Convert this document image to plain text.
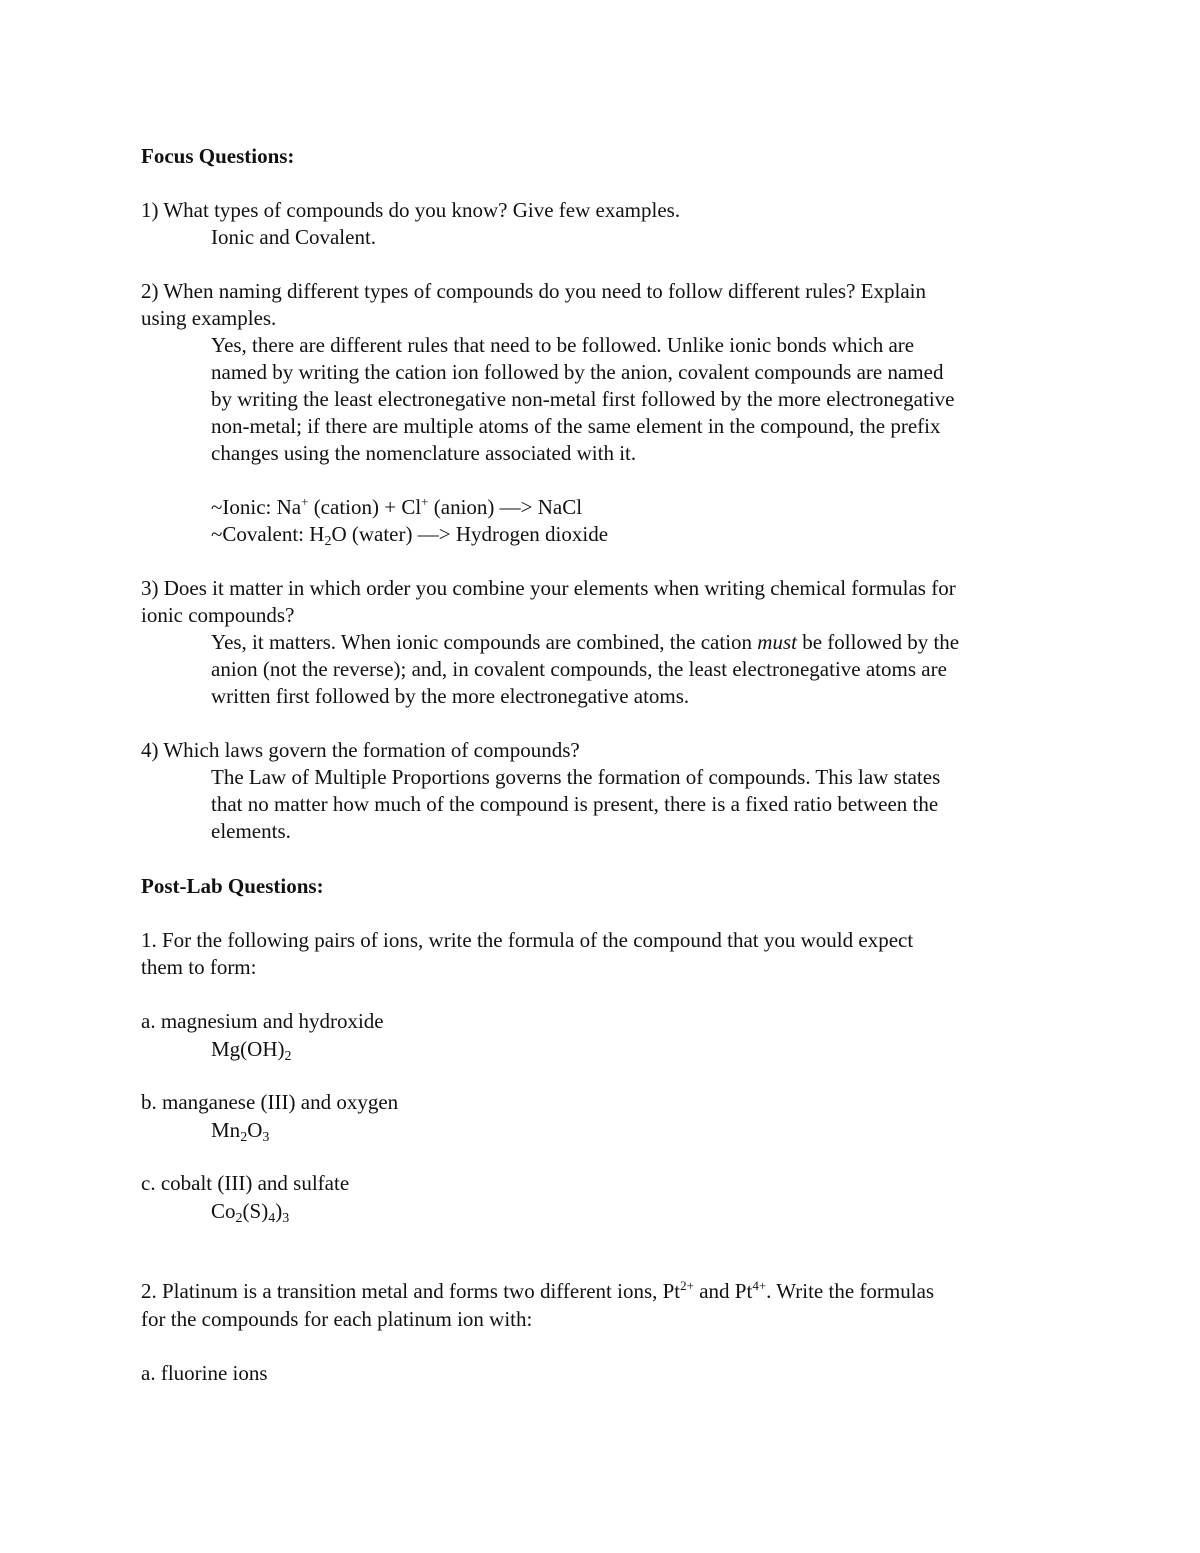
Focus Questions:
1) What types of compounds do you know? Give few examples.
Ionic and Covalent.
2) When naming different types of compounds do you need to follow different rules? Explain
using examples.
Yes, there are different rules that need to be followed. Unlike ionic bonds which are
named by writing the cation ion followed by the anion, covalent compounds are named
by writing the least electronegative non-metal first followed by the more electronegative
non-metal; if there are multiple atoms of the same element in the compound, the prefix
changes using the nomenclature associated with it.
~Ionic: Na+ (cation) + Cl+ (anion) —> NaCl
~Covalent: $H_2O$ (water) —> Hydrogen dioxide
3) Does it matter in which order you combine your elements when writing chemical formulas for
ionic compounds?
Yes, it matters. When ionic compounds are combined, the cation must be followed by the
anion (not the reverse); and, in covalent compounds, the least electronegative atoms are
written first followed by the more electronegative atoms.
4) Which laws govern the formation of compounds?
The Law of Multiple Proportions governs the formation of compounds. This law states
that no matter how much of the compound is present, there is a fixed ratio between the
elements.
Post-Lab Questions:
1. For the following pairs of ions, write the formula of the compound that you would expect
them to form:
a. magnesium and hydroxide
$Mg(OH)_2$
b. manganese (III) and oxygen
$Mn_2O_3$
c. cobalt (III) and sulfate
$Co_2(S)_4)_3$
2. Platinum is a transition metal and forms two different ions, $Pt^{2+}$ and $Pt^{4+}$. Write the formulas
for the compounds for each platinum ion with:
a. fluorine ions
